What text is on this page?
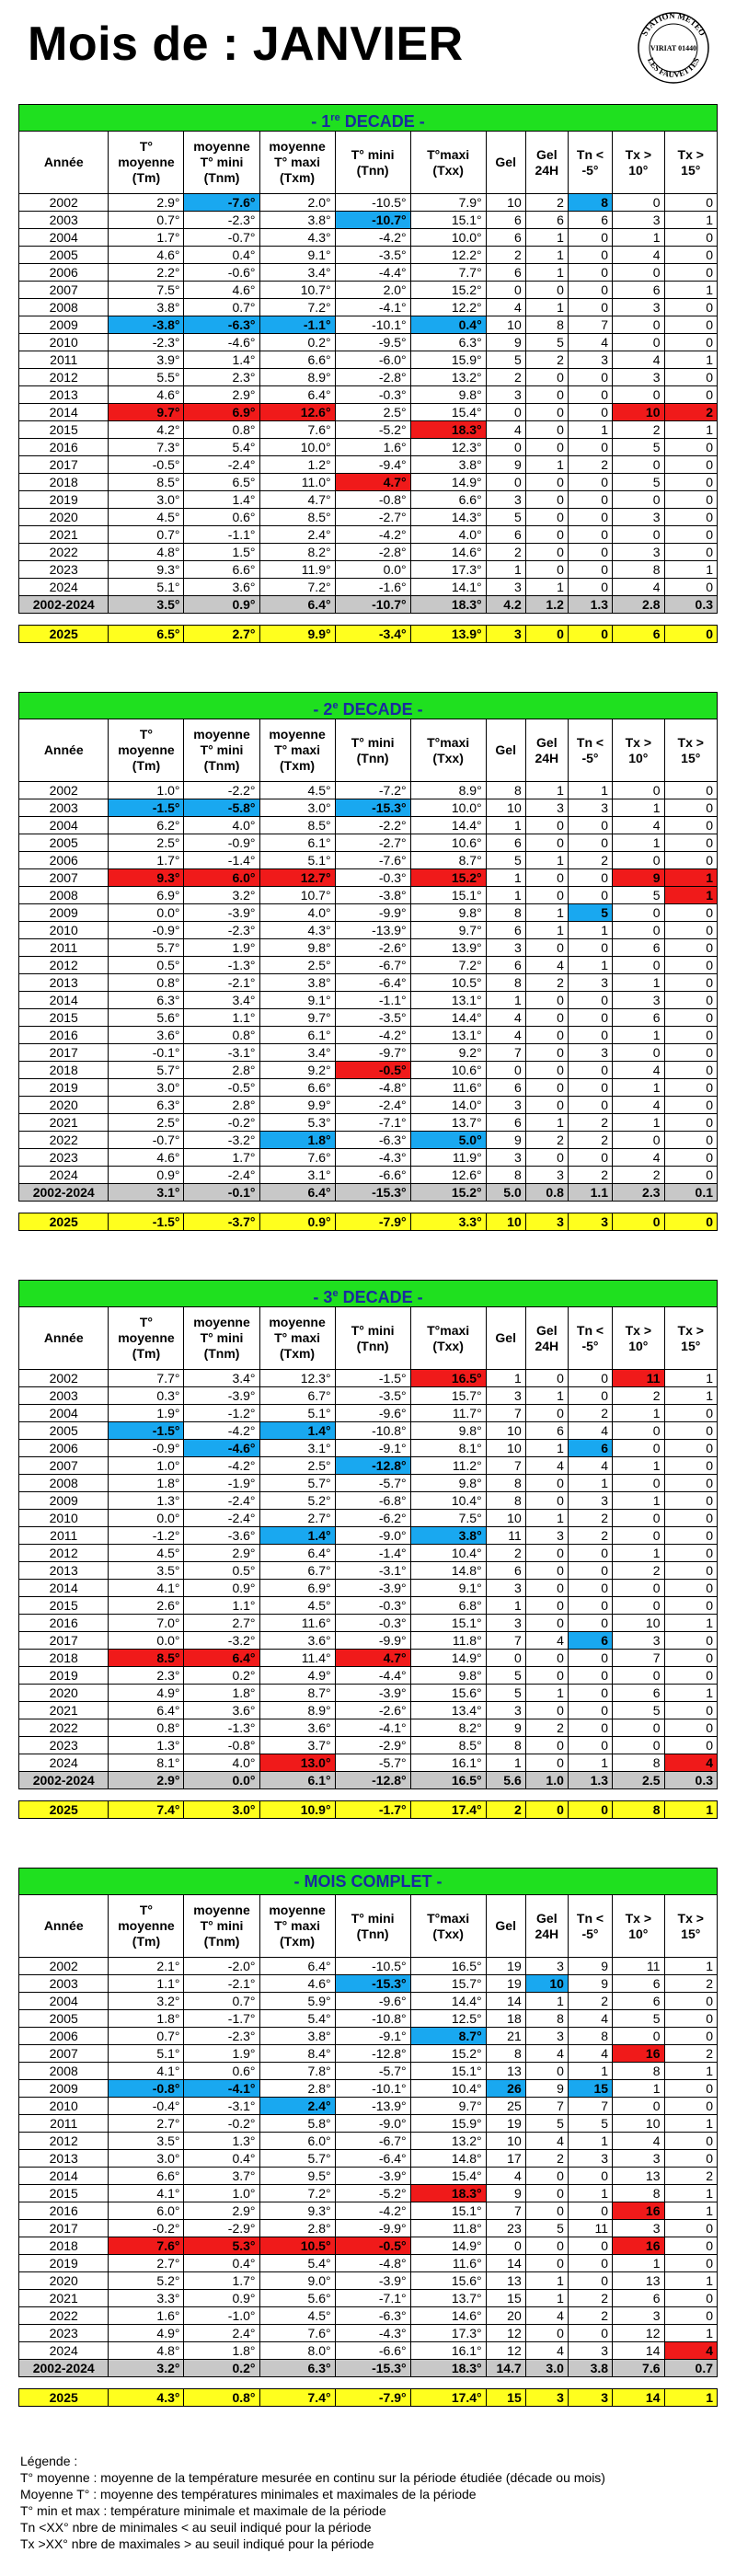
Mois de : JANVIER	STATION METEO
VIRIAT 01440
LES FAUVETTES
- 1re DECADE -
Année	T° moyenne (Tm)	moyenne T° mini (Tnm)	moyenne T° maxi (Txm)	T° mini (Tnn)	T°maxi (Txx)	Gel	Gel 24H	Tn < -5°	Tx > 10°	Tx > 15°
2002	2.9°	-7.6°	2.0°	-10.5°	7.9°	10	2	8	0	0
2003	0.7°	-2.3°	3.8°	-10.7°	15.1°	6	6	6	3	1
2004	1.7°	-0.7°	4.3°	-4.2°	10.0°	6	1	0	1	0
2005	4.6°	0.4°	9.1°	-3.5°	12.2°	2	1	0	4	0
2006	2.2°	-0.6°	3.4°	-4.4°	7.7°	6	1	0	0	0
2007	7.5°	4.6°	10.7°	2.0°	15.2°	0	0	0	6	1
2008	3.8°	0.7°	7.2°	-4.1°	12.2°	4	1	0	3	0
2009	-3.8°	-6.3°	-1.1°	-10.1°	0.4°	10	8	7	0	0
2010	-2.3°	-4.6°	0.2°	-9.5°	6.3°	9	5	4	0	0
2011	3.9°	1.4°	6.6°	-6.0°	15.9°	5	2	3	4	1
2012	5.5°	2.3°	8.9°	-2.8°	13.2°	2	0	0	3	0
2013	4.6°	2.9°	6.4°	-0.3°	9.8°	3	0	0	0	0
2014	9.7°	6.9°	12.6°	2.5°	15.4°	0	0	0	10	2
2015	4.2°	0.8°	7.6°	-5.2°	18.3°	4	0	1	2	1
2016	7.3°	5.4°	10.0°	1.6°	12.3°	0	0	0	5	0
2017	-0.5°	-2.4°	1.2°	-9.4°	3.8°	9	1	2	0	0
2018	8.5°	6.5°	11.0°	4.7°	14.9°	0	0	0	5	0
2019	3.0°	1.4°	4.7°	-0.8°	6.6°	3	0	0	0	0
2020	4.5°	0.6°	8.5°	-2.7°	14.3°	5	0	0	3	0
2021	0.7°	-1.1°	2.4°	-4.2°	4.0°	6	0	0	0	0
2022	4.8°	1.5°	8.2°	-2.8°	14.6°	2	0	0	3	0
2023	9.3°	6.6°	11.9°	0.0°	17.3°	1	0	0	8	1
2024	5.1°	3.6°	7.2°	-1.6°	14.1°	3	1	0	4	0
2002-2024	3.5°	0.9°	6.4°	-10.7°	18.3°	4.2	1.2	1.3	2.8	0.3

2025	6.5°	2.7°	9.9°	-3.4°	13.9°	3	0	0	6	0
- 2e DECADE -
Année	T° moyenne (Tm)	moyenne T° mini (Tnm)	moyenne T° maxi (Txm)	T° mini (Tnn)	T°maxi (Txx)	Gel	Gel 24H	Tn < -5°	Tx > 10°	Tx > 15°
2002	1.0°	-2.2°	4.5°	-7.2°	8.9°	8	1	1	0	0
2003	-1.5°	-5.8°	3.0°	-15.3°	10.0°	10	3	3	1	0
2004	6.2°	4.0°	8.5°	-2.2°	14.4°	1	0	0	4	0
2005	2.5°	-0.9°	6.1°	-2.7°	10.6°	6	0	0	1	0
2006	1.7°	-1.4°	5.1°	-7.6°	8.7°	5	1	2	0	0
2007	9.3°	6.0°	12.7°	-0.3°	15.2°	1	0	0	9	1
2008	6.9°	3.2°	10.7°	-3.8°	15.1°	1	0	0	5	1
2009	0.0°	-3.9°	4.0°	-9.9°	9.8°	8	1	5	0	0
2010	-0.9°	-2.3°	4.3°	-13.9°	9.7°	6	1	1	0	0
2011	5.7°	1.9°	9.8°	-2.6°	13.9°	3	0	0	6	0
2012	0.5°	-1.3°	2.5°	-6.7°	7.2°	6	4	1	0	0
2013	0.8°	-2.1°	3.8°	-6.4°	10.5°	8	2	3	1	0
2014	6.3°	3.4°	9.1°	-1.1°	13.1°	1	0	0	3	0
2015	5.6°	1.1°	9.7°	-3.5°	14.4°	4	0	0	6	0
2016	3.6°	0.8°	6.1°	-4.2°	13.1°	4	0	0	1	0
2017	-0.1°	-3.1°	3.4°	-9.7°	9.2°	7	0	3	0	0
2018	5.7°	2.8°	9.2°	-0.5°	10.6°	0	0	0	4	0
2019	3.0°	-0.5°	6.6°	-4.8°	11.6°	6	0	0	1	0
2020	6.3°	2.8°	9.9°	-2.4°	14.0°	3	0	0	4	0
2021	2.5°	-0.2°	5.3°	-7.1°	13.7°	6	1	2	1	0
2022	-0.7°	-3.2°	1.8°	-6.3°	5.0°	9	2	2	0	0
2023	4.6°	1.7°	7.6°	-4.3°	11.9°	3	0	0	4	0
2024	0.9°	-2.4°	3.1°	-6.6°	12.6°	8	3	2	2	0
2002-2024	3.1°	-0.1°	6.4°	-15.3°	15.2°	5.0	0.8	1.1	2.3	0.1

2025	-1.5°	-3.7°	0.9°	-7.9°	3.3°	10	3	3	0	0
- 3e DECADE -
Année	T° moyenne (Tm)	moyenne T° mini (Tnm)	moyenne T° maxi (Txm)	T° mini (Tnn)	T°maxi (Txx)	Gel	Gel 24H	Tn < -5°	Tx > 10°	Tx > 15°
2002	7.7°	3.4°	12.3°	-1.5°	16.5°	1	0	0	11	1
2003	0.3°	-3.9°	6.7°	-3.5°	15.7°	3	1	0	2	1
2004	1.9°	-1.2°	5.1°	-9.6°	11.7°	7	0	2	1	0
2005	-1.5°	-4.2°	1.4°	-10.8°	9.8°	10	6	4	0	0
2006	-0.9°	-4.6°	3.1°	-9.1°	8.1°	10	1	6	0	0
2007	1.0°	-4.2°	2.5°	-12.8°	11.2°	7	4	4	1	0
2008	1.8°	-1.9°	5.7°	-5.7°	9.8°	8	0	1	0	0
2009	1.3°	-2.4°	5.2°	-6.8°	10.4°	8	0	3	1	0
2010	0.0°	-2.4°	2.7°	-6.2°	7.5°	10	1	2	0	0
2011	-1.2°	-3.6°	1.4°	-9.0°	3.8°	11	3	2	0	0
2012	4.5°	2.9°	6.4°	-1.4°	10.4°	2	0	0	1	0
2013	3.5°	0.5°	6.7°	-3.1°	14.8°	6	0	0	2	0
2014	4.1°	0.9°	6.9°	-3.9°	9.1°	3	0	0	0	0
2015	2.6°	1.1°	4.5°	-0.3°	6.8°	1	0	0	0	0
2016	7.0°	2.7°	11.6°	-0.3°	15.1°	3	0	0	10	1
2017	0.0°	-3.2°	3.6°	-9.9°	11.8°	7	4	6	3	0
2018	8.5°	6.4°	11.4°	4.7°	14.9°	0	0	0	7	0
2019	2.3°	0.2°	4.9°	-4.4°	9.8°	5	0	0	0	0
2020	4.9°	1.8°	8.7°	-3.9°	15.6°	5	1	0	6	1
2021	6.4°	3.6°	8.9°	-2.6°	13.4°	3	0	0	5	0
2022	0.8°	-1.3°	3.6°	-4.1°	8.2°	9	2	0	0	0
2023	1.3°	-0.8°	3.7°	-2.9°	8.5°	8	0	0	0	0
2024	8.1°	4.0°	13.0°	-5.7°	16.1°	1	0	1	8	4
2002-2024	2.9°	0.0°	6.1°	-12.8°	16.5°	5.6	1.0	1.3	2.5	0.3

2025	7.4°	3.0°	10.9°	-1.7°	17.4°	2	0	0	8	1
- MOIS COMPLET -
Année	T° moyenne (Tm)	moyenne T° mini (Tnm)	moyenne T° maxi (Txm)	T° mini (Tnn)	T°maxi (Txx)	Gel	Gel 24H	Tn < -5°	Tx > 10°	Tx > 15°
2002	2.1°	-2.0°	6.4°	-10.5°	16.5°	19	3	9	11	1
2003	1.1°	-2.1°	4.6°	-15.3°	15.7°	19	10	9	6	2
2004	3.2°	0.7°	5.9°	-9.6°	14.4°	14	1	2	6	0
2005	1.8°	-1.7°	5.4°	-10.8°	12.5°	18	8	4	5	0
2006	0.7°	-2.3°	3.8°	-9.1°	8.7°	21	3	8	0	0
2007	5.1°	1.9°	8.4°	-12.8°	15.2°	8	4	4	16	2
2008	4.1°	0.6°	7.8°	-5.7°	15.1°	13	0	1	8	1
2009	-0.8°	-4.1°	2.8°	-10.1°	10.4°	26	9	15	1	0
2010	-0.4°	-3.1°	2.4°	-13.9°	9.7°	25	7	7	0	0
2011	2.7°	-0.2°	5.8°	-9.0°	15.9°	19	5	5	10	1
2012	3.5°	1.3°	6.0°	-6.7°	13.2°	10	4	1	4	0
2013	3.0°	0.4°	5.7°	-6.4°	14.8°	17	2	3	3	0
2014	6.6°	3.7°	9.5°	-3.9°	15.4°	4	0	0	13	2
2015	4.1°	1.0°	7.2°	-5.2°	18.3°	9	0	1	8	1
2016	6.0°	2.9°	9.3°	-4.2°	15.1°	7	0	0	16	1
2017	-0.2°	-2.9°	2.8°	-9.9°	11.8°	23	5	11	3	0
2018	7.6°	5.3°	10.5°	-0.5°	14.9°	0	0	0	16	0
2019	2.7°	0.4°	5.4°	-4.8°	11.6°	14	0	0	1	0
2020	5.2°	1.7°	9.0°	-3.9°	15.6°	13	1	0	13	1
2021	3.3°	0.9°	5.6°	-7.1°	13.7°	15	1	2	6	0
2022	1.6°	-1.0°	4.5°	-6.3°	14.6°	20	4	2	3	0
2023	4.9°	2.4°	7.6°	-4.3°	17.3°	12	0	0	12	1
2024	4.8°	1.8°	8.0°	-6.6°	16.1°	12	4	3	14	4
2002-2024	3.2°	0.2°	6.3°	-15.3°	18.3°	14.7	3.0	3.8	7.6	0.7

2025	4.3°	0.8°	7.4°	-7.9°	17.4°	15	3	3	14	1
Légende :
T° moyenne : moyenne de la température mesurée en continu sur la période étudiée (décade ou mois)
Moyenne T° : moyenne des températures minimales et maximales de la période
T° min et max : température minimale et maximale de la période
Tn <XX° nbre de minimales < au seuil indiqué pour la période
Tx >XX° nbre de maximales > au seuil indiqué pour la période
